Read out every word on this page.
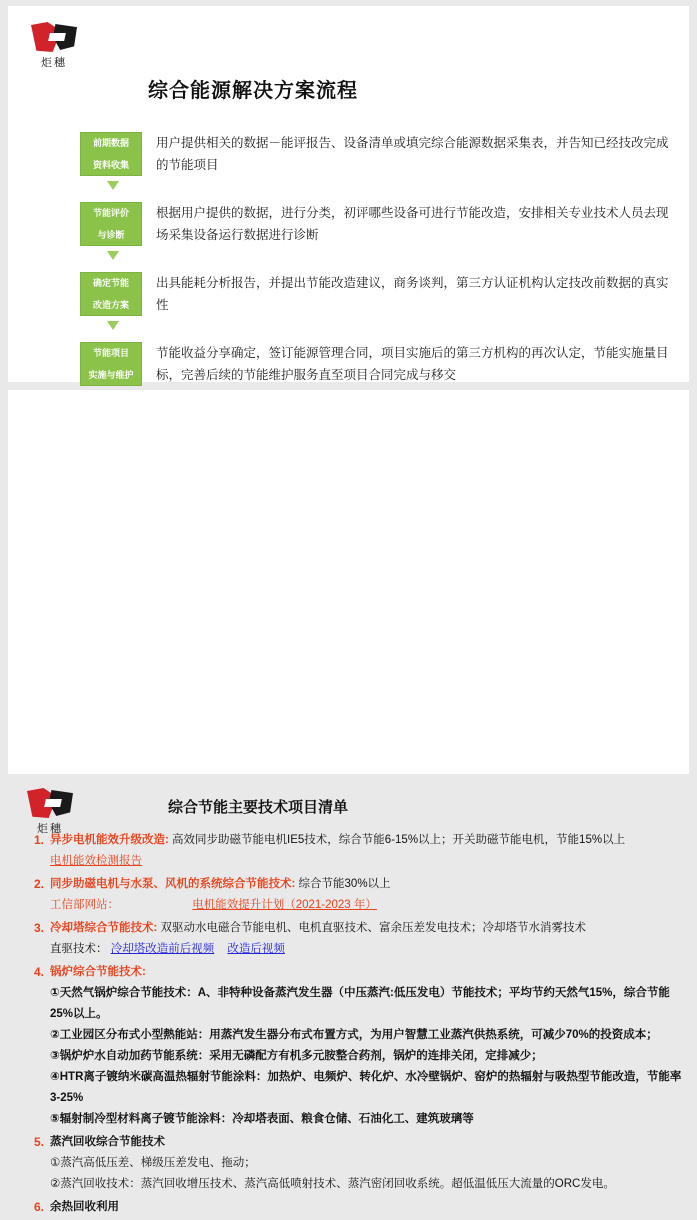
炬穗
综合能源解决方案流程
前期数据

资料收集
用户提供相关的数据－能评报告、设备清单或填完综合能源数据采集表，并告知已经技改完成的节能项目
节能评价

与诊断
根据用户提供的数据，进行分类，初评哪些设备可进行节能改造，安排相关专业技术人员去现场采集设备运行数据进行诊断
确定节能

改造方案
出具能耗分析报告，并提出节能改造建议，商务谈判，第三方认证机构认定技改前数据的真实性
节能项目

实施与维护
节能收益分享确定，签订能源管理合同，项目实施后的第三方机构的再次认定，节能实施量目标，完善后续的节能维护服务直至项目合同完成与移交
炬穗
综合节能主要技术项目清单
1. 异步电机能效升级改造: 高效同步助磁节能电机IE5技术，综合节能6-15%以上；开关助磁节能电机，节能15%以上
电机能效检测报告
2. 同步助磁电机与水泵、风机的系统综合节能技术: 综合节能30%以上
工信部网站：	电机能效提升计划（2021-2023 年）
3. 冷却塔综合节能技术: 双驱动水电磁合节能电机、电机直驱技术、富余压差发电技术；冷却塔节水消雾技术
直驱技术： 冷却塔改造前后视频 改造后视频
4. 锅炉综合节能技术:
①天然气锅炉综合节能技术：A、非特种设备蒸汽发生器（中压蒸汽:低压发电）节能技术；平均节约天然气15%，综合节能25%以上。
②工业园区分布式小型熱能站：用蒸汽发生器分布式布置方式，为用户智慧工业蒸汽供热系统，可减少70%的投资成本；
③锅炉炉水自动加药节能系统：采用无磷配方有机多元胺整合药剂，锅炉的连排关闭，定排减少；
④HTR离子镀纳米碳高温热辐射节能涂料：加热炉、电频炉、转化炉、水冷壁锅炉、窑炉的热辐射与吸热型节能改造，节能率3-25%
⑤辐射制冷型材料离子镀节能涂料：冷却塔表面、粮食仓储、石油化工、建筑玻璃等
5. 蒸汽回收综合节能技术
①蒸汽高低压差、梯级压差发电、拖动；
②蒸汽回收技术：蒸汽回收增压技术、蒸汽高低喷射技术、蒸汽密闭回收系统。超低温低压大流量的ORC发电。
6. 余热回收利用
